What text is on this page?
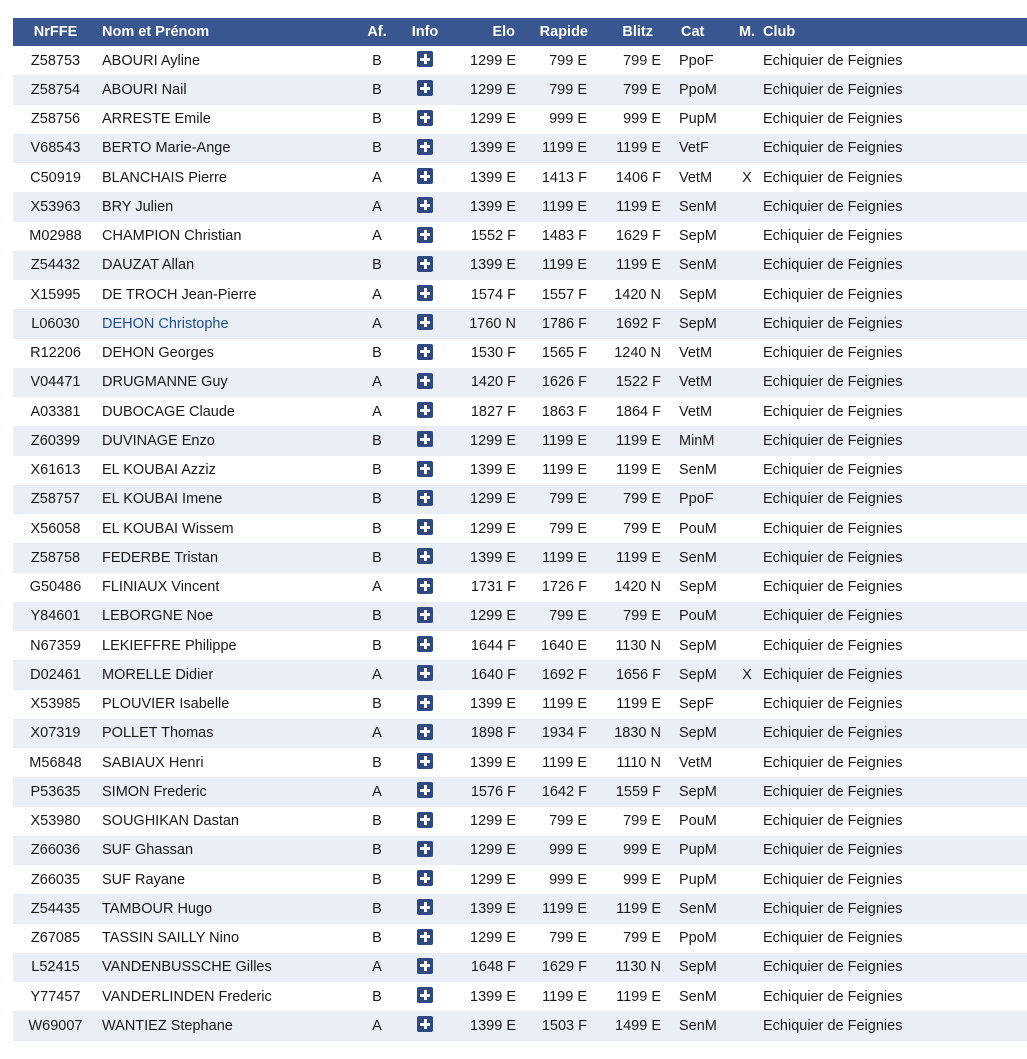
NrFFE	Nom et Prénom	Af.	Info	Elo	Rapide	Blitz	Cat	M.	Club
Z58753	ABOURI Ayline	B		1299 E	799 E	799 E	PpoF		Echiquier de Feignies
Z58754	ABOURI Nail	B		1299 E	799 E	799 E	PpoM		Echiquier de Feignies
Z58756	ARRESTE Emile	B		1299 E	999 E	999 E	PupM		Echiquier de Feignies
V68543	BERTO Marie-Ange	B		1399 E	1199 E	1199 E	VetF		Echiquier de Feignies
C50919	BLANCHAIS Pierre	A		1399 E	1413 F	1406 F	VetM	X	Echiquier de Feignies
X53963	BRY Julien	A		1399 E	1199 E	1199 E	SenM		Echiquier de Feignies
M02988	CHAMPION Christian	A		1552 F	1483 F	1629 F	SepM		Echiquier de Feignies
Z54432	DAUZAT Allan	B		1399 E	1199 E	1199 E	SenM		Echiquier de Feignies
X15995	DE TROCH Jean-Pierre	A		1574 F	1557 F	1420 N	SepM		Echiquier de Feignies
L06030	DEHON Christophe	A		1760 N	1786 F	1692 F	SepM		Echiquier de Feignies
R12206	DEHON Georges	B		1530 F	1565 F	1240 N	VetM		Echiquier de Feignies
V04471	DRUGMANNE Guy	A		1420 F	1626 F	1522 F	VetM		Echiquier de Feignies
A03381	DUBOCAGE Claude	A		1827 F	1863 F	1864 F	VetM		Echiquier de Feignies
Z60399	DUVINAGE Enzo	B		1299 E	1199 E	1199 E	MinM		Echiquier de Feignies
X61613	EL KOUBAI Azziz	B		1399 E	1199 E	1199 E	SenM		Echiquier de Feignies
Z58757	EL KOUBAI Imene	B		1299 E	799 E	799 E	PpoF		Echiquier de Feignies
X56058	EL KOUBAI Wissem	B		1299 E	799 E	799 E	PouM		Echiquier de Feignies
Z58758	FEDERBE Tristan	B		1399 E	1199 E	1199 E	SenM		Echiquier de Feignies
G50486	FLINIAUX Vincent	A		1731 F	1726 F	1420 N	SepM		Echiquier de Feignies
Y84601	LEBORGNE Noe	B		1299 E	799 E	799 E	PouM		Echiquier de Feignies
N67359	LEKIEFFRE Philippe	B		1644 F	1640 E	1130 N	SepM		Echiquier de Feignies
D02461	MORELLE Didier	A		1640 F	1692 F	1656 F	SepM	X	Echiquier de Feignies
X53985	PLOUVIER Isabelle	B		1399 E	1199 E	1199 E	SepF		Echiquier de Feignies
X07319	POLLET Thomas	A		1898 F	1934 F	1830 N	SepM		Echiquier de Feignies
M56848	SABIAUX Henri	B		1399 E	1199 E	1110 N	VetM		Echiquier de Feignies
P53635	SIMON Frederic	A		1576 F	1642 F	1559 F	SepM		Echiquier de Feignies
X53980	SOUGHIKAN Dastan	B		1299 E	799 E	799 E	PouM		Echiquier de Feignies
Z66036	SUF Ghassan	B		1299 E	999 E	999 E	PupM		Echiquier de Feignies
Z66035	SUF Rayane	B		1299 E	999 E	999 E	PupM		Echiquier de Feignies
Z54435	TAMBOUR Hugo	B		1399 E	1199 E	1199 E	SenM		Echiquier de Feignies
Z67085	TASSIN SAILLY Nino	B		1299 E	799 E	799 E	PpoM		Echiquier de Feignies
L52415	VANDENBUSSCHE Gilles	A		1648 F	1629 F	1130 N	SepM		Echiquier de Feignies
Y77457	VANDERLINDEN Frederic	B		1399 E	1199 E	1199 E	SenM		Echiquier de Feignies
W69007	WANTIEZ Stephane	A		1399 E	1503 F	1499 E	SenM		Echiquier de Feignies
